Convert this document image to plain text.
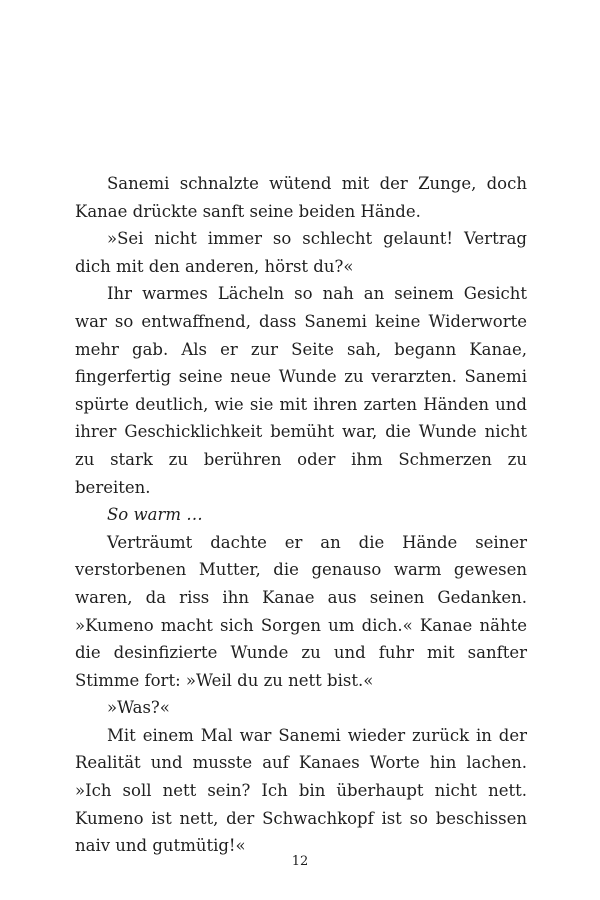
Sanemi schnalzte wütend mit der Zunge, doch Kanae drückte sanft seine beiden Hände.

»Sei nicht immer so schlecht gelaunt! Vertrag dich mit den anderen, hörst du?«

Ihr warmes Lächeln so nah an seinem Gesicht war so entwaffnend, dass Sanemi keine Widerworte mehr gab. Als er zur Seite sah, begann Kanae, fingerfertig seine neue Wunde zu verarzten. Sanemi spürte deutlich, wie sie mit ihren zarten Händen und ihrer Geschicklichkeit bemüht war, die Wunde nicht zu stark zu berühren oder ihm Schmerzen zu bereiten.

So warm …

Verträumt dachte er an die Hände seiner verstorbenen Mutter, die genauso warm gewesen waren, da riss ihn Kanae aus seinen Gedanken. »Kumeno macht sich Sorgen um dich.« Kanae nähte die desinfizierte Wunde zu und fuhr mit sanfter Stimme fort: »Weil du zu nett bist.«

»Was?«

Mit einem Mal war Sanemi wieder zurück in der Realität und musste auf Kanaes Worte hin lachen. »Ich soll nett sein? Ich bin überhaupt nicht nett. Kumeno ist nett, der Schwachkopf ist so beschissen naiv und gutmütig!«

12
